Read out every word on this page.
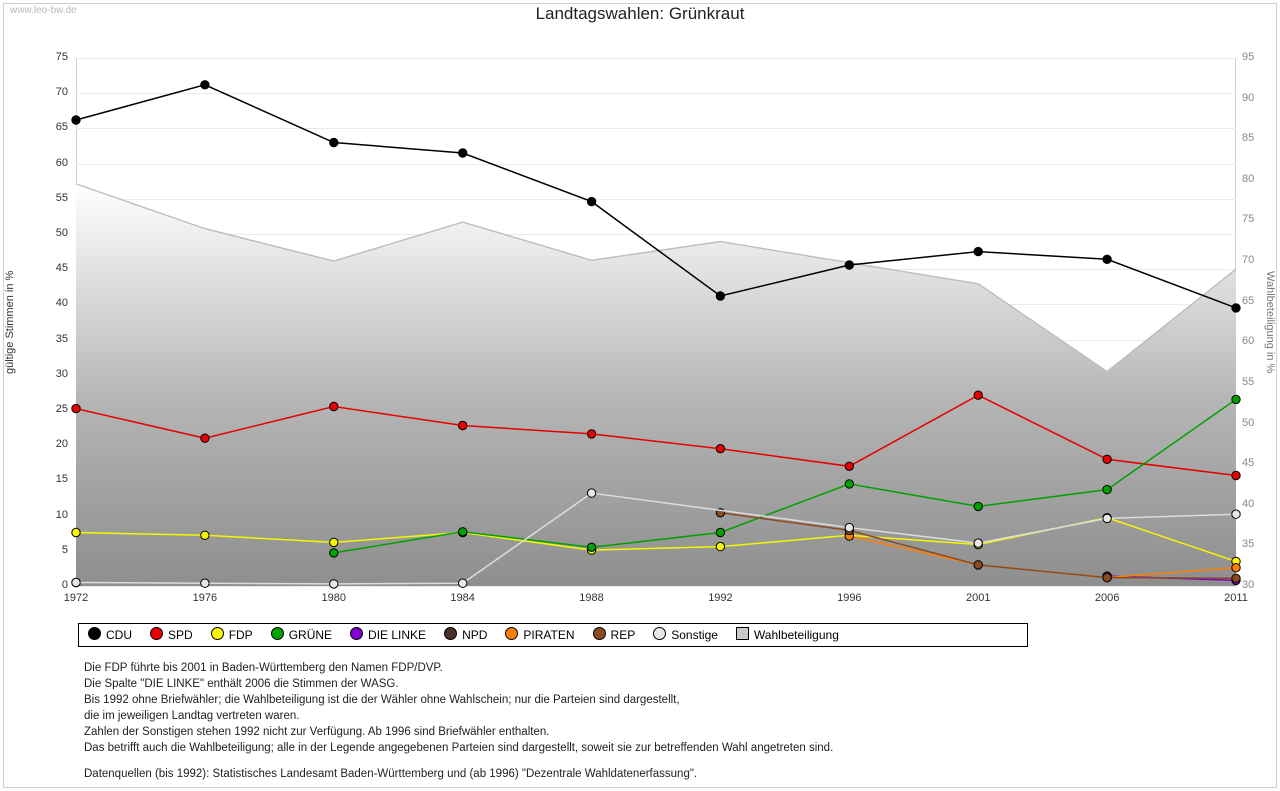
www.leo-bw.de	Landtagswahlen: Grünkraut
gültige Stimmen in %	Wahlbeteiligung in %
75
70
65
60
55
50
45
40
35
30
25
20
15
10
5
0
95
90
85
80
75
70
65
60
55
50
45
40
35
30
1972	1976	1980	1984	1988	1992	1996	2001	2006	2011
CDU	SPD	FDP	GRÜNE	DIE LINKE	NPD	PIRATEN	REP	Sonstige	Wahlbeteiligung
Die FDP führte bis 2001 in Baden-Württemberg den Namen FDP/DVP.
Die Spalte "DIE LINKE" enthält 2006 die Stimmen der WASG.
Bis 1992 ohne Briefwähler; die Wahlbeteiligung ist die der Wähler ohne Wahlschein; nur die Parteien sind dargestellt,
die im jeweiligen Landtag vertreten waren.
Zahlen der Sonstigen stehen 1992 nicht zur Verfügung. Ab 1996 sind Briefwähler enthalten.
Das betrifft auch die Wahlbeteiligung; alle in der Legende angegebenen Parteien sind dargestellt, soweit sie zur betreffenden Wahl angetreten sind.
Datenquellen (bis 1992): Statistisches Landesamt Baden-Württemberg und (ab 1996) "Dezentrale Wahldatenerfassung".
